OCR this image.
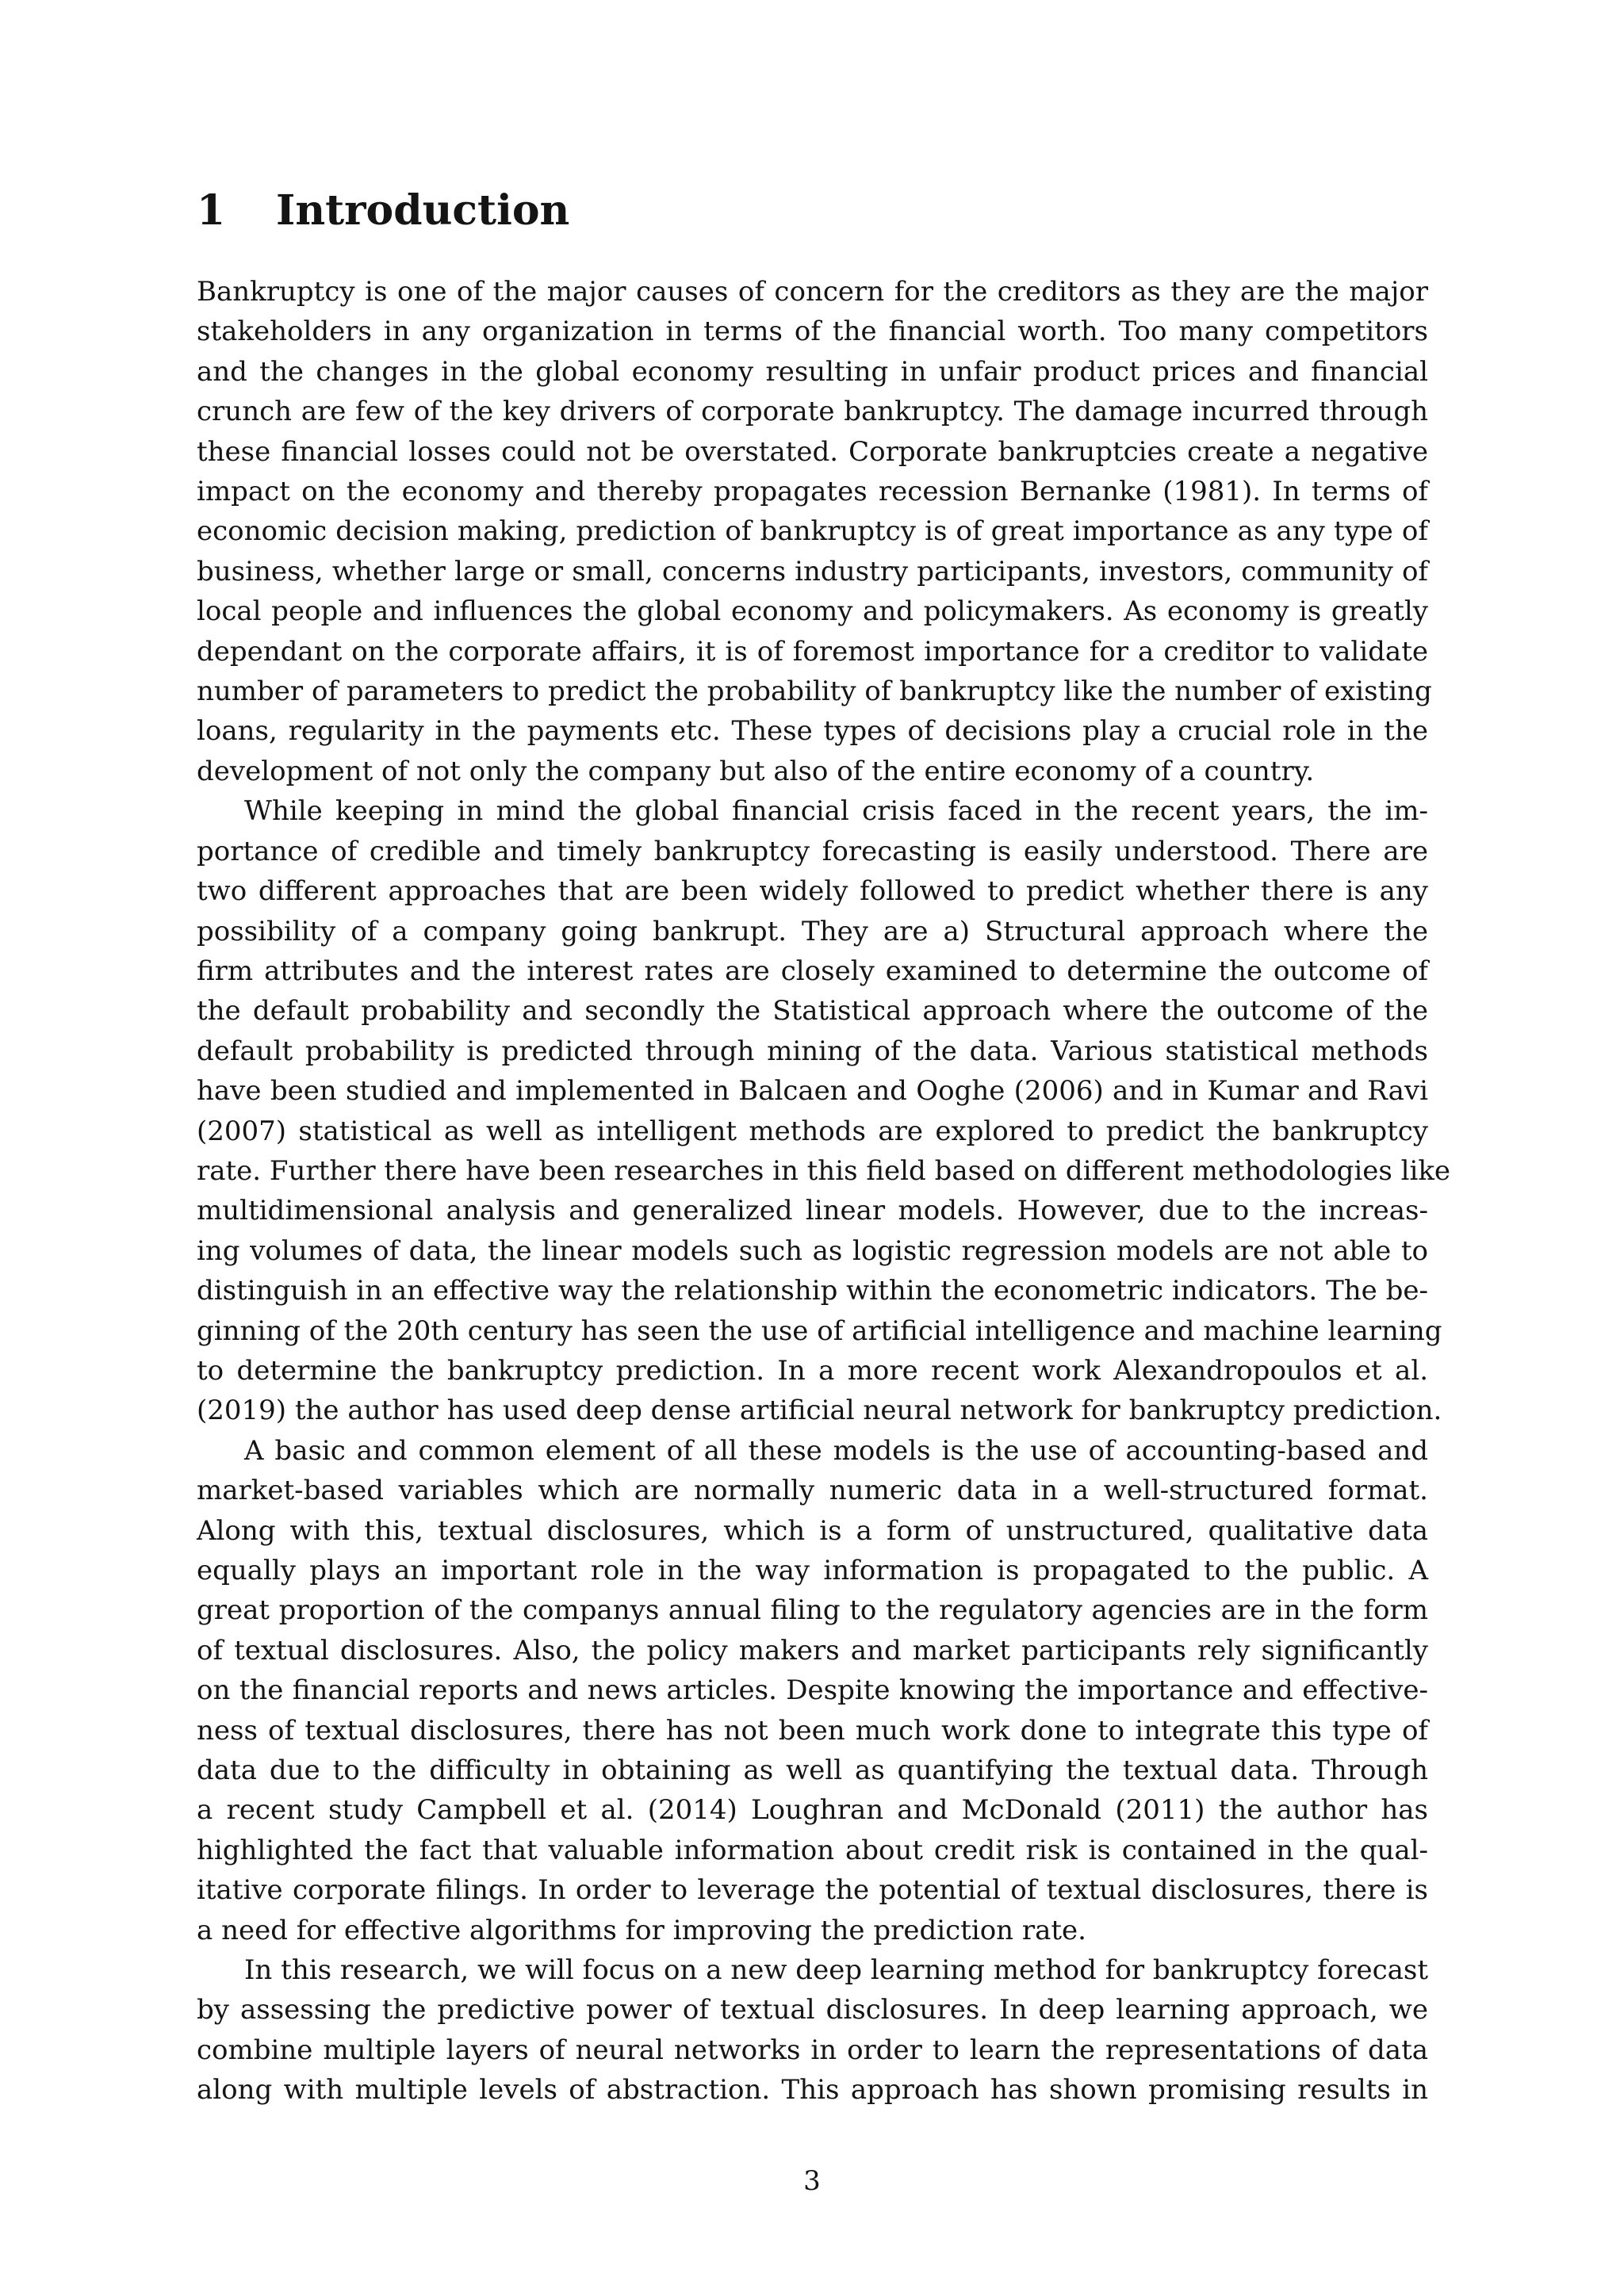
1 Introduction

Bankruptcy is one of the major causes of concern for the creditors as they are the major
stakeholders in any organization in terms of the financial worth. Too many competitors
and the changes in the global economy resulting in unfair product prices and financial
crunch are few of the key drivers of corporate bankruptcy. The damage incurred through
these financial losses could not be overstated. Corporate bankruptcies create a negative
impact on the economy and thereby propagates recession Bernanke (1981). In terms of
economic decision making, prediction of bankruptcy is of great importance as any type of
business, whether large or small, concerns industry participants, investors, community of
local people and influences the global economy and policymakers. As economy is greatly
dependant on the corporate affairs, it is of foremost importance for a creditor to validate
number of parameters to predict the probability of bankruptcy like the number of existing
loans, regularity in the payments etc. These types of decisions play a crucial role in the
development of not only the company but also of the entire economy of a country.

While keeping in mind the global financial crisis faced in the recent years, the im-
portance of credible and timely bankruptcy forecasting is easily understood. There are
two different approaches that are been widely followed to predict whether there is any
possibility of a company going bankrupt. They are a) Structural approach where the
firm attributes and the interest rates are closely examined to determine the outcome of
the default probability and secondly the Statistical approach where the outcome of the
default probability is predicted through mining of the data. Various statistical methods
have been studied and implemented in Balcaen and Ooghe (2006) and in Kumar and Ravi
(2007) statistical as well as intelligent methods are explored to predict the bankruptcy
rate. Further there have been researches in this field based on different methodologies like
multidimensional analysis and generalized linear models. However, due to the increas-
ing volumes of data, the linear models such as logistic regression models are not able to
distinguish in an effective way the relationship within the econometric indicators. The be-
ginning of the 20th century has seen the use of artificial intelligence and machine learning
to determine the bankruptcy prediction. In a more recent work Alexandropoulos et al.
(2019) the author has used deep dense artificial neural network for bankruptcy prediction.

A basic and common element of all these models is the use of accounting-based and
market-based variables which are normally numeric data in a well-structured format.
Along with this, textual disclosures, which is a form of unstructured, qualitative data
equally plays an important role in the way information is propagated to the public. A
great proportion of the companys annual filing to the regulatory agencies are in the form
of textual disclosures. Also, the policy makers and market participants rely significantly
on the financial reports and news articles. Despite knowing the importance and effective-
ness of textual disclosures, there has not been much work done to integrate this type of
data due to the difficulty in obtaining as well as quantifying the textual data. Through
a recent study Campbell et al. (2014) Loughran and McDonald (2011) the author has
highlighted the fact that valuable information about credit risk is contained in the qual-
itative corporate filings. In order to leverage the potential of textual disclosures, there is
a need for effective algorithms for improving the prediction rate.

In this research, we will focus on a new deep learning method for bankruptcy forecast
by assessing the predictive power of textual disclosures. In deep learning approach, we
combine multiple layers of neural networks in order to learn the representations of data
along with multiple levels of abstraction. This approach has shown promising results in

3
